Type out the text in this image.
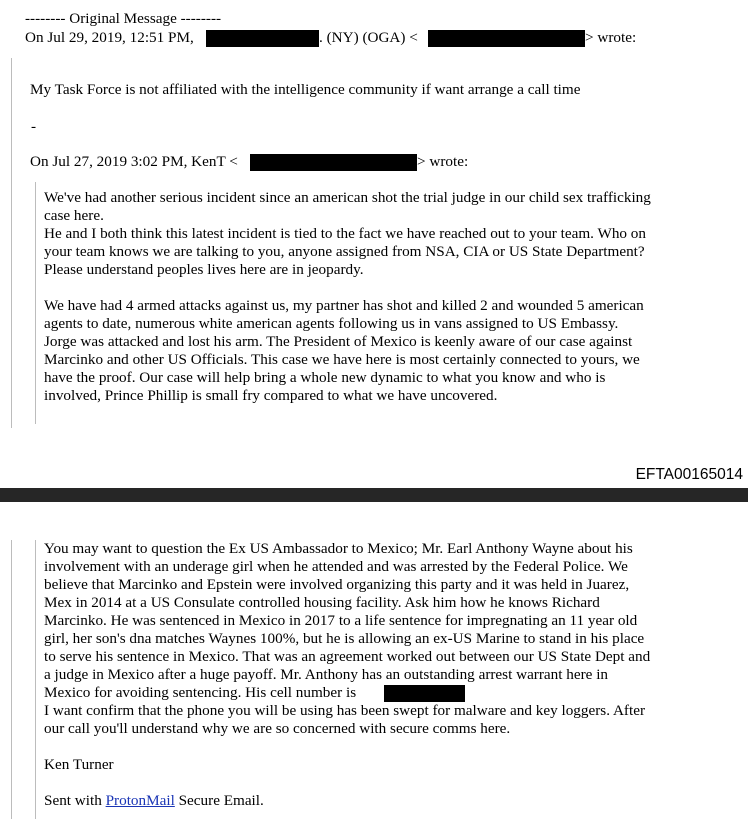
-------- Original Message --------
On Jul 29, 2019, 12:51 PM,	. (NY) (OGA) <	> wrote:
My Task Force is not affiliated with the intelligence community if want arrange a call time
-
On Jul 27, 2019 3:02 PM, KenT <	> wrote:
We've had another serious incident since an american shot the trial judge in our child sex trafficking
case here.
He and I both think this latest incident is tied to the fact we have reached out to your team. Who on
your team knows we are talking to you, anyone assigned from NSA, CIA or US State Department?
Please understand peoples lives here are in jeopardy.
We have had 4 armed attacks against us, my partner has shot and killed 2 and wounded 5 american
agents to date, numerous white american agents following us in vans assigned to US Embassy.
Jorge was attacked and lost his arm. The President of Mexico is keenly aware of our case against
Marcinko and other US Officials. This case we have here is most certainly connected to yours, we
have the proof. Our case will help bring a whole new dynamic to what you know and who is
involved, Prince Phillip is small fry compared to what we have uncovered.
EFTA00165014
You may want to question the Ex US Ambassador to Mexico; Mr. Earl Anthony Wayne about his
involvement with an underage girl when he attended and was arrested by the Federal Police. We
believe that Marcinko and Epstein were involved organizing this party and it was held in Juarez,
Mex in 2014 at a US Consulate controlled housing facility. Ask him how he knows Richard
Marcinko. He was sentenced in Mexico in 2017 to a life sentence for impregnating an 11 year old
girl, her son's dna matches Waynes 100%, but he is allowing an ex-US Marine to stand in his place
to serve his sentence in Mexico. That was an agreement worked out between our US State Dept and
a judge in Mexico after a huge payoff. Mr. Anthony has an outstanding arrest warrant here in
Mexico for avoiding sentencing. His cell number is
I want confirm that the phone you will be using has been swept for malware and key loggers. After
our call you'll understand why we are so concerned with secure comms here.
Ken Turner
Sent with ProtonMail Secure Email.
